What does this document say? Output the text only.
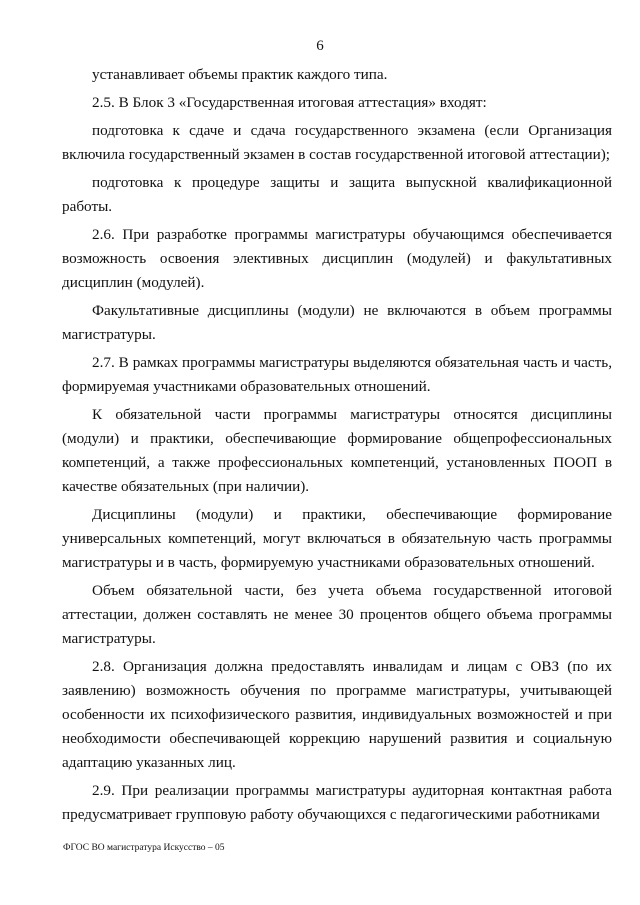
6

устанавливает объемы практик каждого типа.

2.5. В Блок 3 «Государственная итоговая аттестация» входят:

подготовка к сдаче и сдача государственного экзамена (если Организация включила государственный экзамен в состав государственной итоговой аттестации);

подготовка к процедуре защиты и защита выпускной квалификационной работы.

2.6. При разработке программы магистратуры обучающимся обеспечивается возможность освоения элективных дисциплин (модулей) и факультативных дисциплин (модулей).

Факультативные дисциплины (модули) не включаются в объем программы магистратуры.

2.7. В рамках программы магистратуры выделяются обязательная часть и часть, формируемая участниками образовательных отношений.

К обязательной части программы магистратуры относятся дисциплины (модули) и практики, обеспечивающие формирование общепрофессиональных компетенций, а также профессиональных компетенций, установленных ПООП в качестве обязательных (при наличии).

Дисциплины (модули) и практики, обеспечивающие формирование универсальных компетенций, могут включаться в обязательную часть программы магистратуры и в часть, формируемую участниками образовательных отношений.

Объем обязательной части, без учета объема государственной итоговой аттестации, должен составлять не менее 30 процентов общего объема программы магистратуры.

2.8. Организация должна предоставлять инвалидам и лицам с ОВЗ (по их заявлению) возможность обучения по программе магистратуры, учитывающей особенности их психофизического развития, индивидуальных возможностей и при необходимости обеспечивающей коррекцию нарушений развития и социальную адаптацию указанных лиц.

2.9. При реализации программы магистратуры аудиторная контактная работа предусматривает групповую работу обучающихся с педагогическими работниками

ФГОС ВО магистратура Искусство – 05
